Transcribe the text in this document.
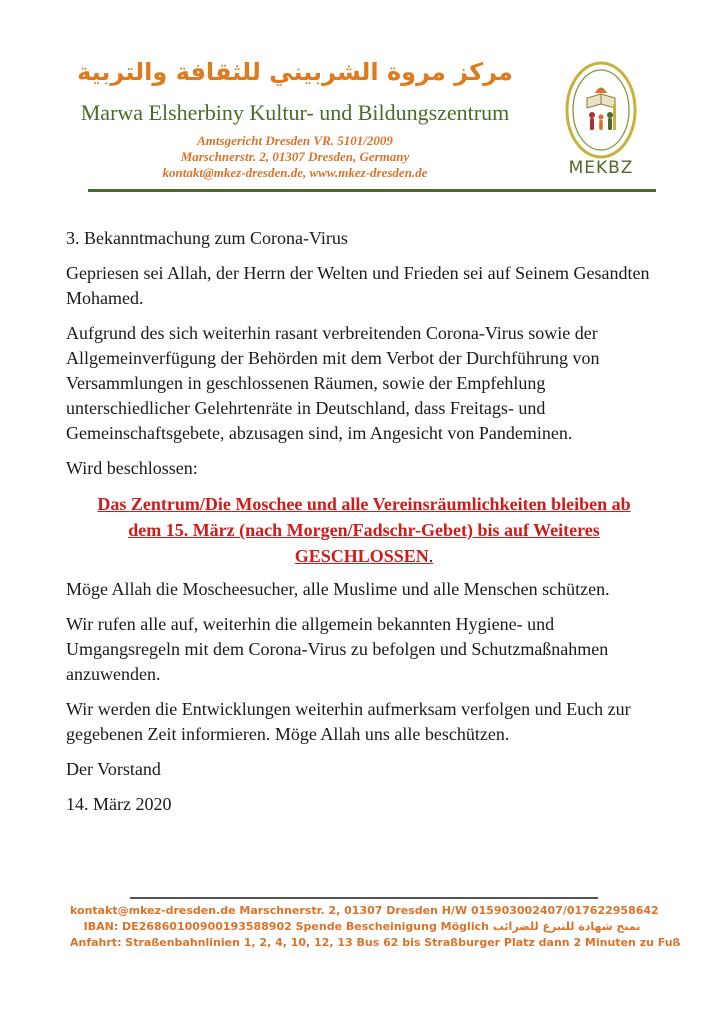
مركز مروة الشربيني للثقافة والتربية
Marwa Elsherbiny Kultur- und Bildungszentrum
Amtsgericht Dresden VR. 5101/2009
Marschnerstr. 2, 01307 Dresden, Germany
kontakt@mkez-dresden.de, www.mkez-dresden.de	MEKBZ

3. Bekanntmachung zum Corona-Virus

Gepriesen sei Allah, der Herrn der Welten und Frieden sei auf Seinem Gesandten Mohamed.

Aufgrund des sich weiterhin rasant verbreitenden Corona-Virus sowie der Allgemeinverfügung der Behörden mit dem Verbot der Durchführung von Versammlungen in geschlossenen Räumen, sowie der Empfehlung unterschiedlicher Gelehrtenräte in Deutschland, dass Freitags- und Gemeinschaftsgebete, abzusagen sind, im Angesicht von Pandeminen.

Wird beschlossen:

Das Zentrum/Die Moschee und alle Vereinsräumlichkeiten bleiben ab
dem 15. März (nach Morgen/Fadschr-Gebet) bis auf Weiteres
GESCHLOSSEN.

Möge Allah die Moscheesucher, alle Muslime und alle Menschen schützen.

Wir rufen alle auf, weiterhin die allgemein bekannten Hygiene- und Umgangsregeln mit dem Corona-Virus zu befolgen und Schutzmaßnahmen anzuwenden.

Wir werden die Entwicklungen weiterhin aufmerksam verfolgen und Euch zur gegebenen Zeit informieren. Möge Allah uns alle beschützen.

Der Vorstand

14. März 2020

kontakt@mkez-dresden.de Marschnerstr. 2, 01307 Dresden H/W 015903002407/017622958642
IBAN: DE26860100900193588902 Spende Bescheinigung Möglich نمنح شهادة للتبرع للضرائب
Anfahrt: Straßenbahnlinien 1, 2, 4, 10, 12, 13 Bus 62 bis Straßburger Platz dann 2 Minuten zu Fuß
